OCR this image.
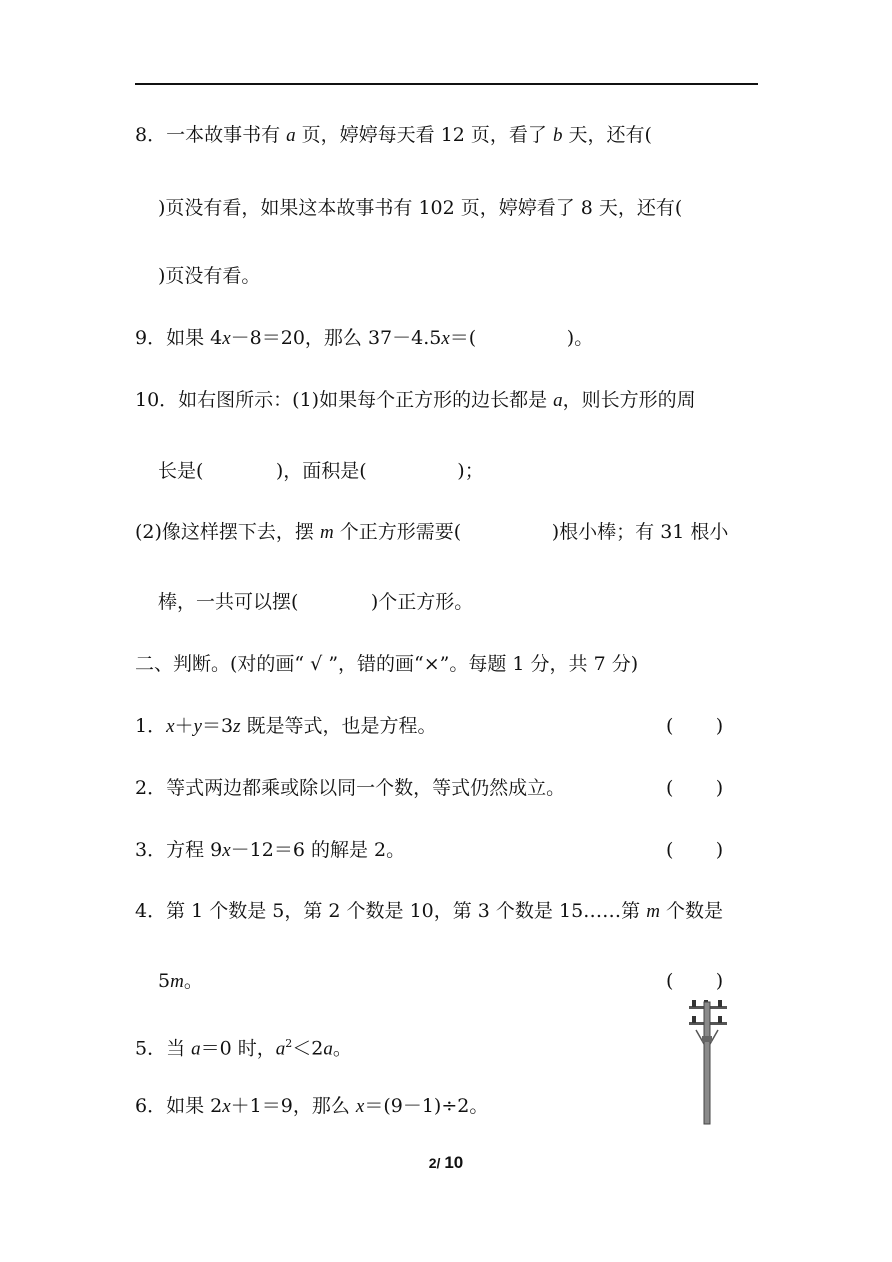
8．一本故事书有 a 页，婷婷每天看 12 页，看了 b 天，还有(
)页没有看，如果这本故事书有 102 页，婷婷看了 8 天，还有(
)页没有看。
9．如果 4x－8＝20，那么 37－4.5x＝(               )。
10．如右图所示：(1)如果每个正方形的边长都是 a，则长方形的周
长是(            )，面积是(               )；
(2)像这样摆下去，摆 m 个正方形需要(               )根小棒；有 31 根小
棒，一共可以摆(            )个正方形。
二、判断。(对的画“ √ ”，错的画“×”。每题 1 分，共 7 分)
1．x＋y＝3z 既是等式，也是方程。	(       )
2．等式两边都乘或除以同一个数，等式仍然成立。	(       )
3．方程 9x－12＝6 的解是 2。	(       )
4．第 1 个数是 5，第 2 个数是 10，第 3 个数是 15……第 m 个数是
5m。	(       )
5．当 a＝0 时，$a^2<2a$。
6．如果 2x＋1＝9，那么 x＝(9－1)÷2。
2/ 10
